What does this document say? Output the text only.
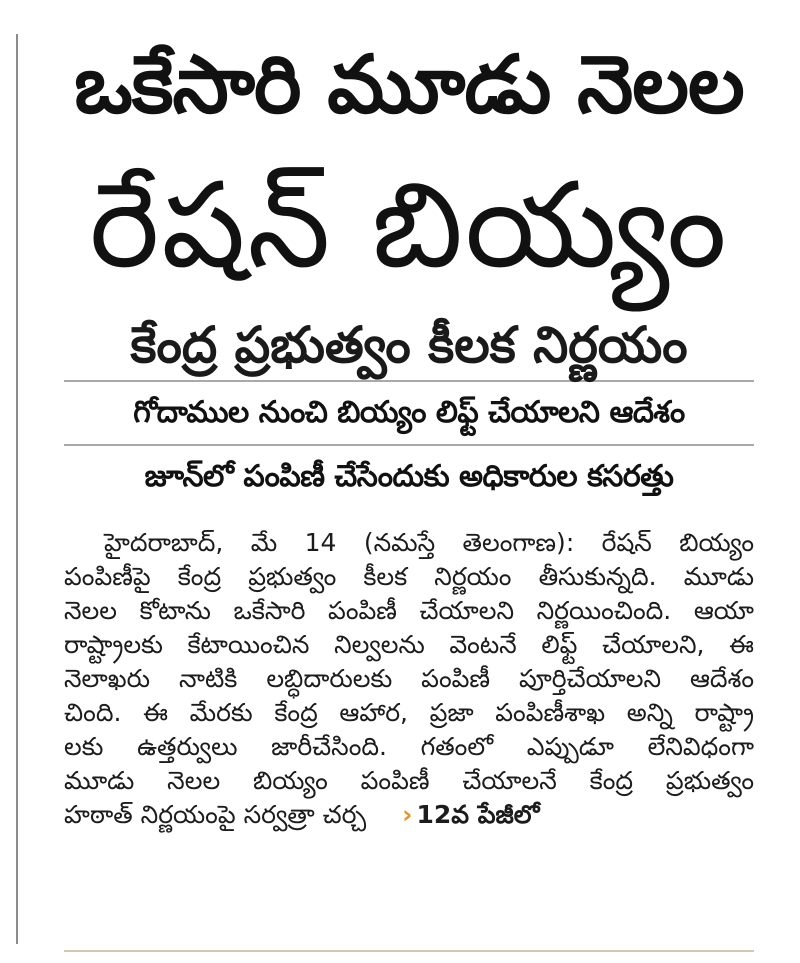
ఒకేసారి మూడు నెలల
రేషన్ బియ్యం
కేంద్ర ప్రభుత్వం కీలక నిర్ణయం

గోదాముల నుంచి బియ్యం లిఫ్ట్ చేయాలని ఆదేశం

జూన్‌లో పంపిణీ చేసేందుకు అధికారుల కసరత్తు

హైదరాబాద్, మే 14 (నమస్తే తెలంగాణ): రేషన్ బియ్యం
పంపిణీపై కేంద్ర ప్రభుత్వం కీలక నిర్ణయం తీసుకున్నది. మూడు
నెలల కోటాను ఒకేసారి పంపిణీ చేయాలని నిర్ణయించింది. ఆయా
రాష్ట్రాలకు కేటాయించిన నిల్వలను వెంటనే లిఫ్ట్ చేయాలని, ఈ
నెలాఖరు నాటికి లబ్ధిదారులకు పంపిణీ పూర్తిచేయాలని ఆదేశం
చింది. ఈ మేరకు కేంద్ర ఆహార, ప్రజా పంపిణీశాఖ అన్ని రాష్ట్రా
లకు ఉత్తర్వులు జారీచేసింది. గతంలో ఎప్పుడూ లేనివిధంగా
మూడు నెలల బియ్యం పంపిణీ చేయాలనే కేంద్ర ప్రభుత్వం
హఠాత్ నిర్ణయంపై సర్వత్రా చర్చ › 12వ పేజీలో
